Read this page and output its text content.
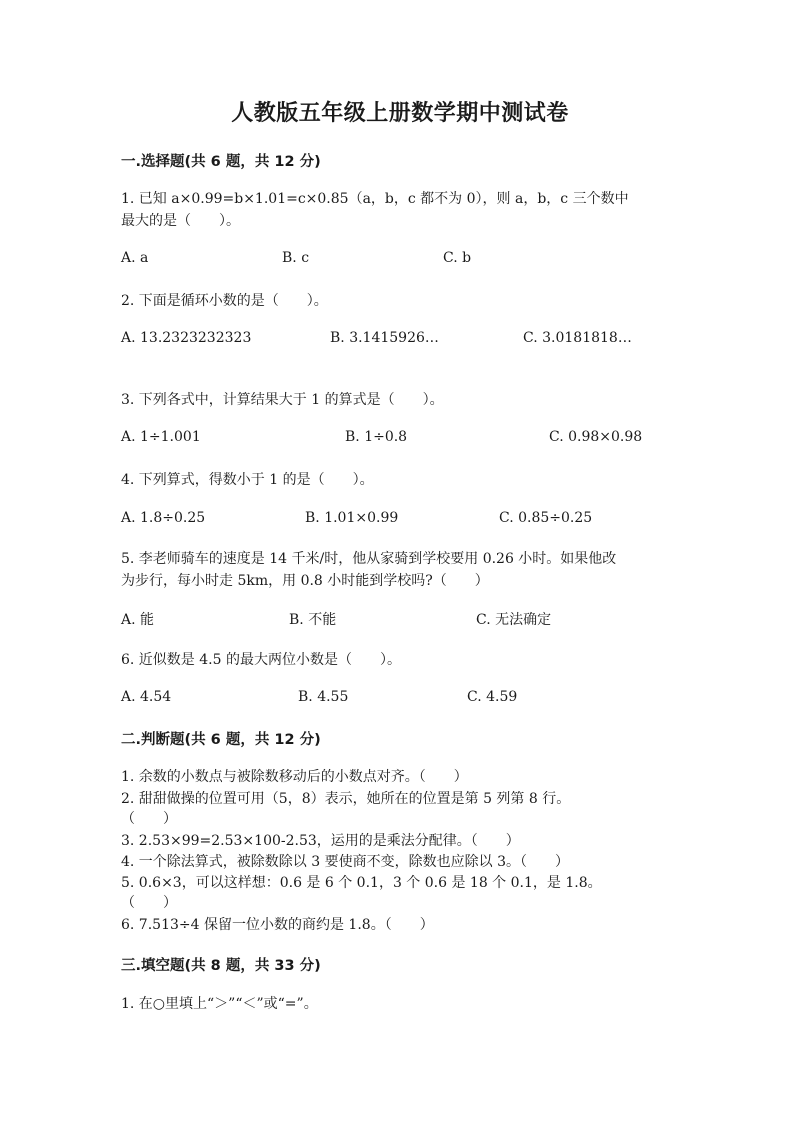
人教版五年级上册数学期中测试卷
一.选择题(共 6 题，共 12 分)
1. 已知 a×0.99=b×1.01=c×0.85（a，b，c 都不为 0），则 a，b，c 三个数中
最大的是（　　）。
A. a	B. c	C. b
2. 下面是循环小数的是（　　）。
A. 13.2323232323	B. 3.1415926…	C. 3.0181818…
3. 下列各式中，计算结果大于 1 的算式是（　　）。
A. 1÷1.001	B. 1÷0.8	C. 0.98×0.98
4. 下列算式，得数小于 1 的是（　　）。
A. 1.8÷0.25	B. 1.01×0.99	C. 0.85÷0.25
5. 李老师骑车的速度是 14 千米/时，他从家骑到学校要用 0.26 小时。如果他改
为步行，每小时走 5km，用 0.8 小时能到学校吗?（　　）
A. 能	B. 不能	C. 无法确定
6. 近似数是 4.5 的最大两位小数是（　　）。
A. 4.54	B. 4.55	C. 4.59
二.判断题(共 6 题，共 12 分)
1. 余数的小数点与被除数移动后的小数点对齐。（　　）
2. 甜甜做操的位置可用（5，8）表示，她所在的位置是第 5 列第 8 行。
（　　）
3. 2.53×99=2.53×100-2.53，运用的是乘法分配律。（　　）
4. 一个除法算式，被除数除以 3 要使商不变，除数也应除以 3。（　　）
5. 0.6×3，可以这样想：0.6 是 6 个 0.1，3 个 0.6 是 18 个 0.1，是 1.8。
（　　）
6. 7.513÷4 保留一位小数的商约是 1.8。（　　）
三.填空题(共 8 题，共 33 分)
1. 在○里填上“＞”“＜”或“=”。
